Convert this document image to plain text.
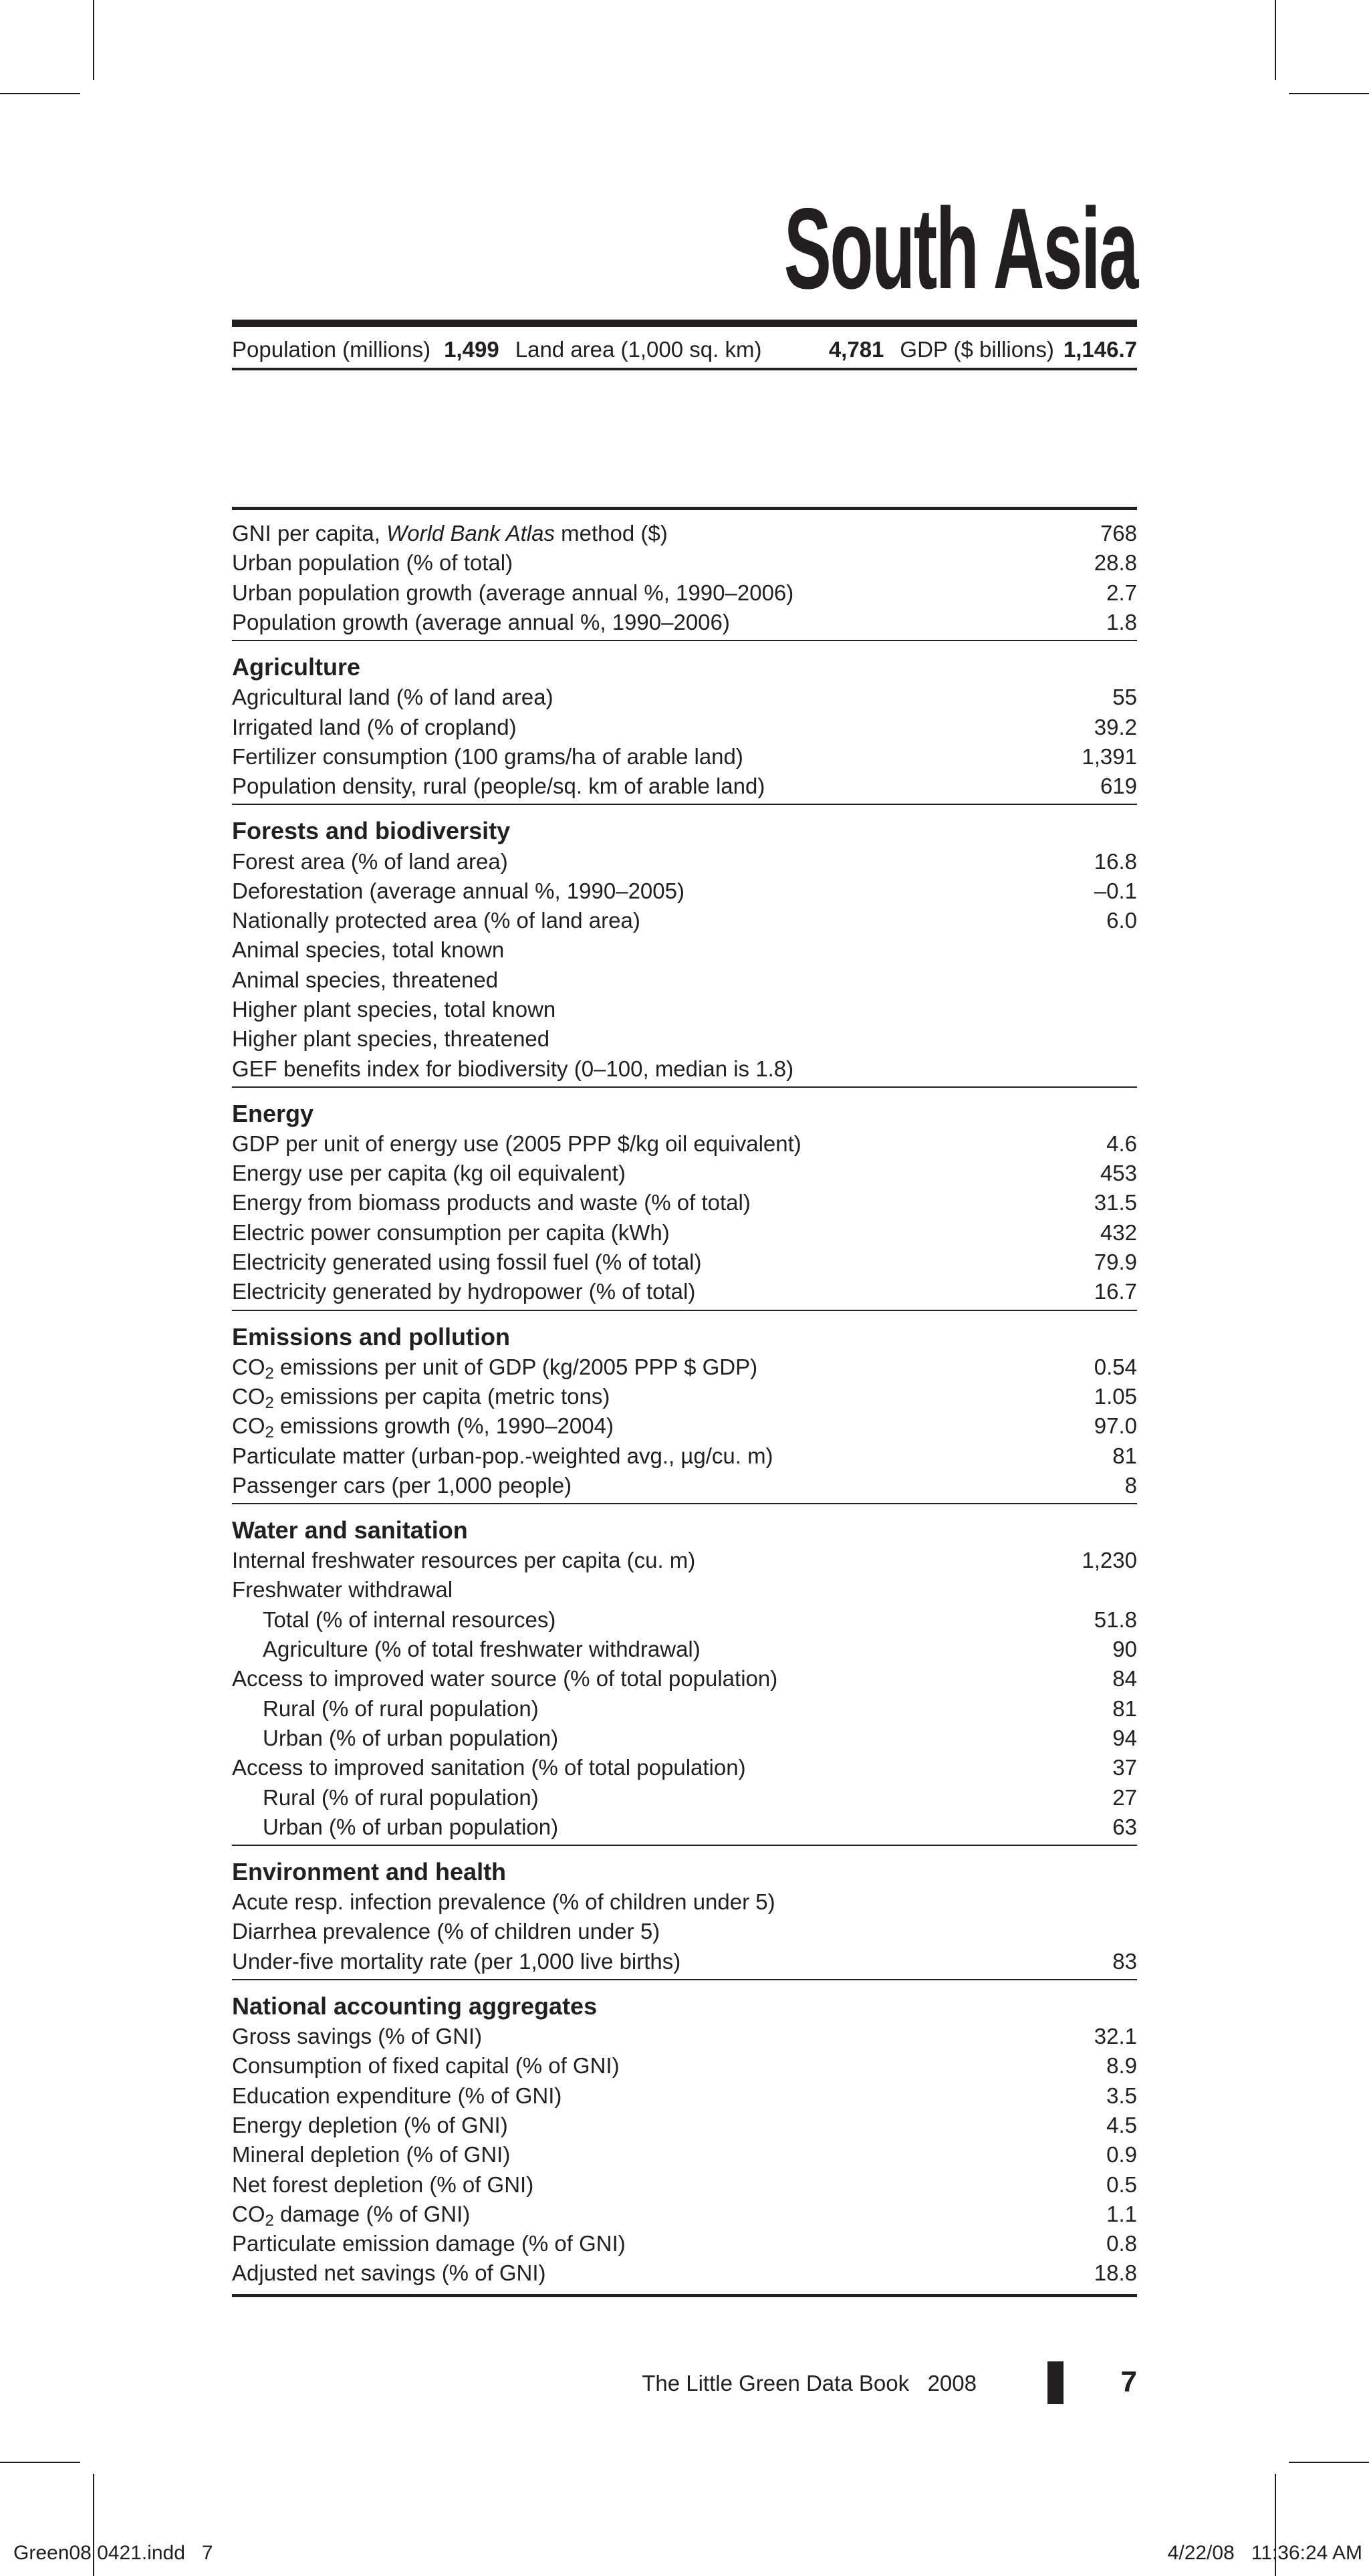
South Asia
Population (millions) 1,499 Land area (1,000 sq. km)	4,781 GDP ($ billions) 1,146.7
GNI per capita, World Bank Atlas method ($)	768
Urban population (% of total)	28.8
Urban population growth (average annual %, 1990–2006)	2.7
Population growth (average annual %, 1990–2006)	1.8
Agriculture
Agricultural land (% of land area)	55
Irrigated land (% of cropland)	39.2
Fertilizer consumption (100 grams/ha of arable land)	1,391
Population density, rural (people/sq. km of arable land)	619
Forests and biodiversity
Forest area (% of land area)	16.8
Deforestation (average annual %, 1990–2005)	–0.1
Nationally protected area (% of land area)	6.0
Animal species, total known
Animal species, threatened
Higher plant species, total known
Higher plant species, threatened
GEF benefits index for biodiversity (0–100, median is 1.8)
Energy
GDP per unit of energy use (2005 PPP $/kg oil equivalent)	4.6
Energy use per capita (kg oil equivalent)	453
Energy from biomass products and waste (% of total)	31.5
Electric power consumption per capita (kWh)	432
Electricity generated using fossil fuel (% of total)	79.9
Electricity generated by hydropower (% of total)	16.7
Emissions and pollution
$CO_2$ emissions per unit of GDP (kg/2005 PPP $ GDP)	0.54
$CO_2$ emissions per capita (metric tons)	1.05
$CO_2$ emissions growth (%, 1990–2004)	97.0
Particulate matter (urban-pop.-weighted avg., µg/cu. m)	81
Passenger cars (per 1,000 people)	8
Water and sanitation
Internal freshwater resources per capita (cu. m)	1,230
Freshwater withdrawal
Total (% of internal resources)	51.8
Agriculture (% of total freshwater withdrawal)	90
Access to improved water source (% of total population)	84
Rural (% of rural population)	81
Urban (% of urban population)	94
Access to improved sanitation (% of total population)	37
Rural (% of rural population)	27
Urban (% of urban population)	63
Environment and health
Acute resp. infection prevalence (% of children under 5)
Diarrhea prevalence (% of children under 5)
Under-five mortality rate (per 1,000 live births)	83
National accounting aggregates
Gross savings (% of GNI)	32.1
Consumption of fixed capital (% of GNI)	8.9
Education expenditure (% of GNI)	3.5
Energy depletion (% of GNI)	4.5
Mineral depletion (% of GNI)	0.9
Net forest depletion (% of GNI)	0.5
$CO_2$ damage (% of GNI)	1.1
Particulate emission damage (% of GNI)	0.8
Adjusted net savings (% of GNI)	18.8
The Little Green Data Book   2008	7
Green08 0421.indd   7	4/22/08   11:36:24 AM
